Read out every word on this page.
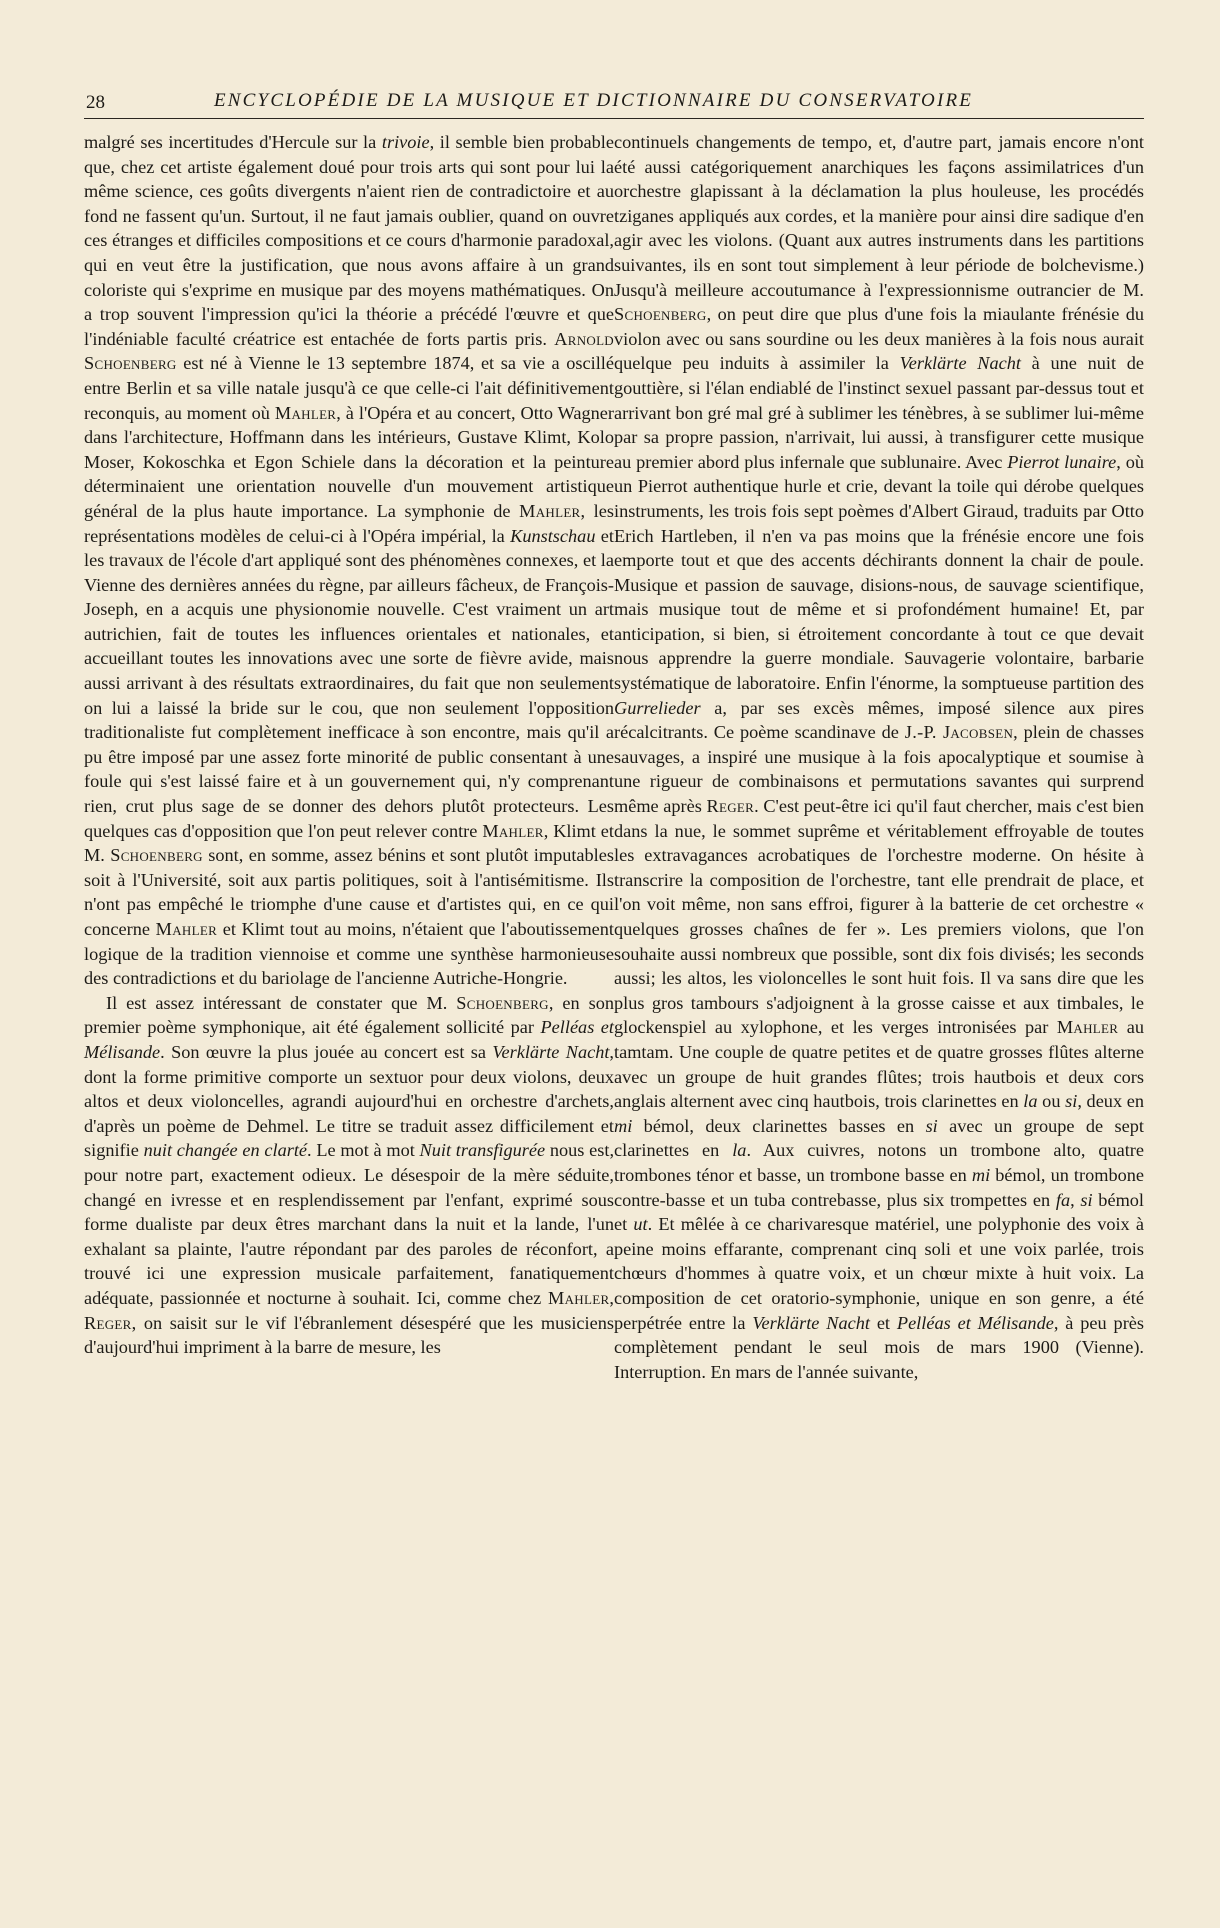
28	ENCYCLOPÉDIE DE LA MUSIQUE ET DICTIONNAIRE DU CONSERVATOIRE

malgré ses incertitudes d'Hercule sur la trivoie, il semble bien probable que, chez cet artiste également doué pour trois arts qui sont pour lui la même science, ces goûts divergents n'aient rien de contradictoire et au fond ne fassent qu'un. Surtout, il ne faut jamais oublier, quand on ouvre ces étranges et difficiles compositions et ce cours d'harmonie paradoxal, qui en veut être la justification, que nous avons affaire à un grand coloriste qui s'exprime en musique par des moyens mathématiques. On a trop souvent l'impression qu'ici la théorie a précédé l'œuvre et que l'indéniable faculté créatrice est entachée de forts partis pris. Arnold Schoenberg est né à Vienne le 13 septembre 1874, et sa vie a oscillé entre Berlin et sa ville natale jusqu'à ce que celle-ci l'ait définitivement reconquis, au moment où Mahler, à l'Opéra et au concert, Otto Wagner dans l'architecture, Hoffmann dans les intérieurs, Gustave Klimt, Kolo Moser, Kokoschka et Egon Schiele dans la décoration et la peinture déterminaient une orientation nouvelle d'un mouvement artistique général de la plus haute importance. La symphonie de Mahler, les représentations modèles de celui-ci à l'Opéra impérial, la Kunstschau et les travaux de l'école d'art appliqué sont des phénomènes connexes, et la Vienne des dernières années du règne, par ailleurs fâcheux, de François-Joseph, en a acquis une physionomie nouvelle. C'est vraiment un art autrichien, fait de toutes les influences orientales et nationales, et accueillant toutes les innovations avec une sorte de fièvre avide, mais aussi arrivant à des résultats extraordinaires, du fait que non seulement on lui a laissé la bride sur le cou, que non seulement l'opposition traditionaliste fut complètement inefficace à son encontre, mais qu'il a pu être imposé par une assez forte minorité de public consentant à une foule qui s'est laissé faire et à un gouvernement qui, n'y comprenant rien, crut plus sage de se donner des dehors plutôt protecteurs. Les quelques cas d'opposition que l'on peut relever contre Mahler, Klimt et M. Schoenberg sont, en somme, assez bénins et sont plutôt imputables soit à l'Université, soit aux partis politiques, soit à l'antisémitisme. Ils n'ont pas empêché le triomphe d'une cause et d'artistes qui, en ce qui concerne Mahler et Klimt tout au moins, n'étaient que l'aboutissement logique de la tradition viennoise et comme une synthèse harmonieuse des contradictions et du bariolage de l'ancienne Autriche-Hongrie.

Il est assez intéressant de constater que M. Schoenberg, en son premier poème symphonique, ait été également sollicité par Pelléas et Mélisande. Son œuvre la plus jouée au concert est sa Verklärte Nacht, dont la forme primitive comporte un sextuor pour deux violons, deux altos et deux violoncelles, agrandi aujourd'hui en orchestre d'archets, d'après un poème de Dehmel. Le titre se traduit assez difficilement et signifie nuit changée en clarté. Le mot à mot Nuit transfigurée nous est, pour notre part, exactement odieux. Le désespoir de la mère séduite, changé en ivresse et en resplendissement par l'enfant, exprimé sous forme dualiste par deux êtres marchant dans la nuit et la lande, l'un exhalant sa plainte, l'autre répondant par des paroles de réconfort, a trouvé ici une expression musicale parfaitement, fanatiquement adéquate, passionnée et nocturne à souhait. Ici, comme chez Mahler, Reger, on saisit sur le vif l'ébranlement désespéré que les musiciens d'aujourd'hui impriment à la barre de mesure, les

continuels changements de tempo, et, d'autre part, jamais encore n'ont été aussi catégoriquement anarchiques les façons assimilatrices d'un orchestre glapissant à la déclamation la plus houleuse, les procédés tziganes appliqués aux cordes, et la manière pour ainsi dire sadique d'en agir avec les violons. (Quant aux autres instruments dans les partitions suivantes, ils en sont tout simplement à leur période de bolchevisme.) Jusqu'à meilleure accoutumance à l'expressionnisme outrancier de M. Schoenberg, on peut dire que plus d'une fois la miaulante frénésie du violon avec ou sans sourdine ou les deux manières à la fois nous aurait quelque peu induits à assimiler la Verklärte Nacht à une nuit de gouttière, si l'élan endiablé de l'instinct sexuel passant par-dessus tout et arrivant bon gré mal gré à sublimer les ténèbres, à se sublimer lui-même par sa propre passion, n'arrivait, lui aussi, à transfigurer cette musique au premier abord plus infernale que sublunaire. Avec Pierrot lunaire, où un Pierrot authentique hurle et crie, devant la toile qui dérobe quelques instruments, les trois fois sept poèmes d'Albert Giraud, traduits par Otto Erich Hartleben, il n'en va pas moins que la frénésie encore une fois emporte tout et que des accents déchirants donnent la chair de poule. Musique et passion de sauvage, disions-nous, de sauvage scientifique, mais musique tout de même et si profondément humaine! Et, par anticipation, si bien, si étroitement concordante à tout ce que devait nous apprendre la guerre mondiale. Sauvagerie volontaire, barbarie systématique de laboratoire. Enfin l'énorme, la somptueuse partition des Gurrelieder a, par ses excès mêmes, imposé silence aux pires récalcitrants. Ce poème scandinave de J.-P. Jacobsen, plein de chasses sauvages, a inspiré une musique à la fois apocalyptique et soumise à une rigueur de combinaisons et permutations savantes qui surprend même après Reger. C'est peut-être ici qu'il faut chercher, mais c'est bien dans la nue, le sommet suprême et véritablement effroyable de toutes les extravagances acrobatiques de l'orchestre moderne. On hésite à transcrire la composition de l'orchestre, tant elle prendrait de place, et l'on voit même, non sans effroi, figurer à la batterie de cet orchestre « quelques grosses chaînes de fer ». Les premiers violons, que l'on souhaite aussi nombreux que possible, sont dix fois divisés; les seconds aussi; les altos, les violoncelles le sont huit fois. Il va sans dire que les plus gros tambours s'adjoignent à la grosse caisse et aux timbales, le glockenspiel au xylophone, et les verges intronisées par Mahler au tamtam. Une couple de quatre petites et de quatre grosses flûtes alterne avec un groupe de huit grandes flûtes; trois hautbois et deux cors anglais alternent avec cinq hautbois, trois clarinettes en la ou si, deux en mi bémol, deux clarinettes basses en si avec un groupe de sept clarinettes en la. Aux cuivres, notons un trombone alto, quatre trombones ténor et basse, un trombone basse en mi bémol, un trombone contre-basse et un tuba contrebasse, plus six trompettes en fa, si bémol et ut. Et mêlée à ce charivaresque matériel, une polyphonie des voix à peine moins effarante, comprenant cinq soli et une voix parlée, trois chœurs d'hommes à quatre voix, et un chœur mixte à huit voix. La composition de cet oratorio-symphonie, unique en son genre, a été perpétrée entre la Verklärte Nacht et Pelléas et Mélisande, à peu près complètement pendant le seul mois de mars 1900 (Vienne). Interruption. En mars de l'année suivante,
